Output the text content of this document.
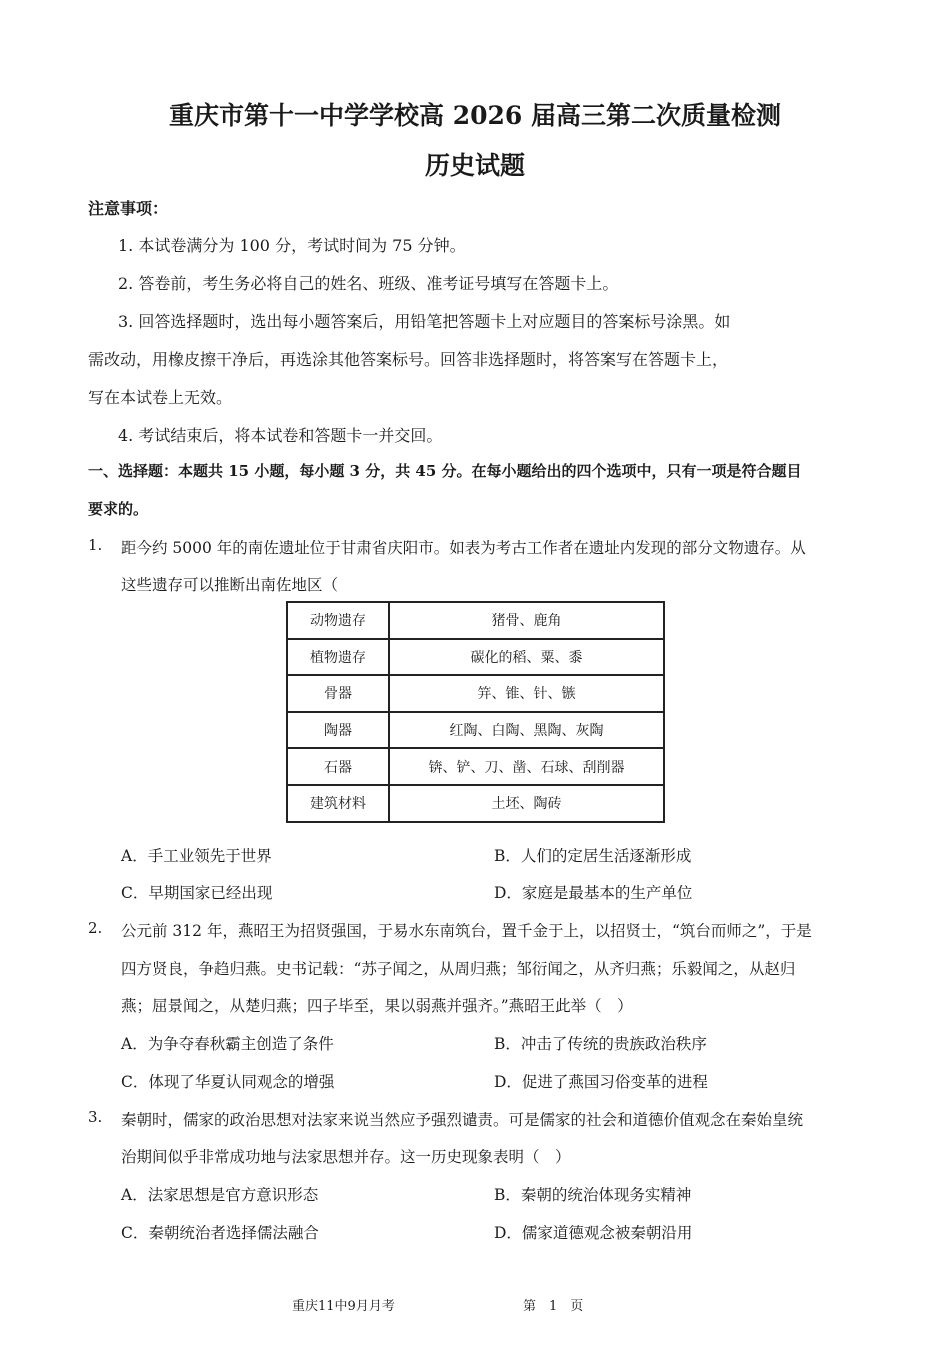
重庆市第十一中学学校高 2026 届高三第二次质量检测
历史试题
注意事项：
1. 本试卷满分为 100 分，考试时间为 75 分钟。
2. 答卷前，考生务必将自己的姓名、班级、准考证号填写在答题卡上。
3. 回答选择题时，选出每小题答案后，用铅笔把答题卡上对应题目的答案标号涂黑。如
需改动，用橡皮擦干净后，再选涂其他答案标号。回答非选择题时，将答案写在答题卡上，
写在本试卷上无效。
4. 考试结束后，将本试卷和答题卡一并交回。
一、选择题：本题共 15 小题，每小题 3 分，共 45 分。在每小题给出的四个选项中，只有一项是符合题目
要求的。
1. 距今约 5000 年的南佐遗址位于甘肃省庆阳市。如表为考古工作者在遗址内发现的部分文物遗存。从
这些遗存可以推断出南佐地区（
动物遗存	猪骨、鹿角
植物遗存	碳化的稻、粟、黍
骨器	笄、锥、针、镞
陶器	红陶、白陶、黑陶、灰陶
石器	锛、铲、刀、凿、石球、刮削器
建筑材料	土坯、陶砖
A．手工业领先于世界	B．人们的定居生活逐渐形成
C．早期国家已经出现	D．家庭是最基本的生产单位
2. 公元前 312 年，燕昭王为招贤强国，于易水东南筑台，置千金于上，以招贤士，“筑台而师之”，于是
四方贤良，争趋归燕。史书记载：“苏子闻之，从周归燕；邹衍闻之，从齐归燕；乐毅闻之，从赵归
燕；屈景闻之，从楚归燕；四子毕至，果以弱燕并强齐。”燕昭王此举（　）
A．为争夺春秋霸主创造了条件	B．冲击了传统的贵族政治秩序
C．体现了华夏认同观念的增强	D．促进了燕国习俗变革的进程
3. 秦朝时，儒家的政治思想对法家来说当然应予强烈谴责。可是儒家的社会和道德价值观念在秦始皇统
治期间似乎非常成功地与法家思想并存。这一历史现象表明（　）
A．法家思想是官方意识形态	B．秦朝的统治体现务实精神
C．秦朝统治者选择儒法融合	D．儒家道德观念被秦朝沿用
重庆11中9月月考	第　1　页
